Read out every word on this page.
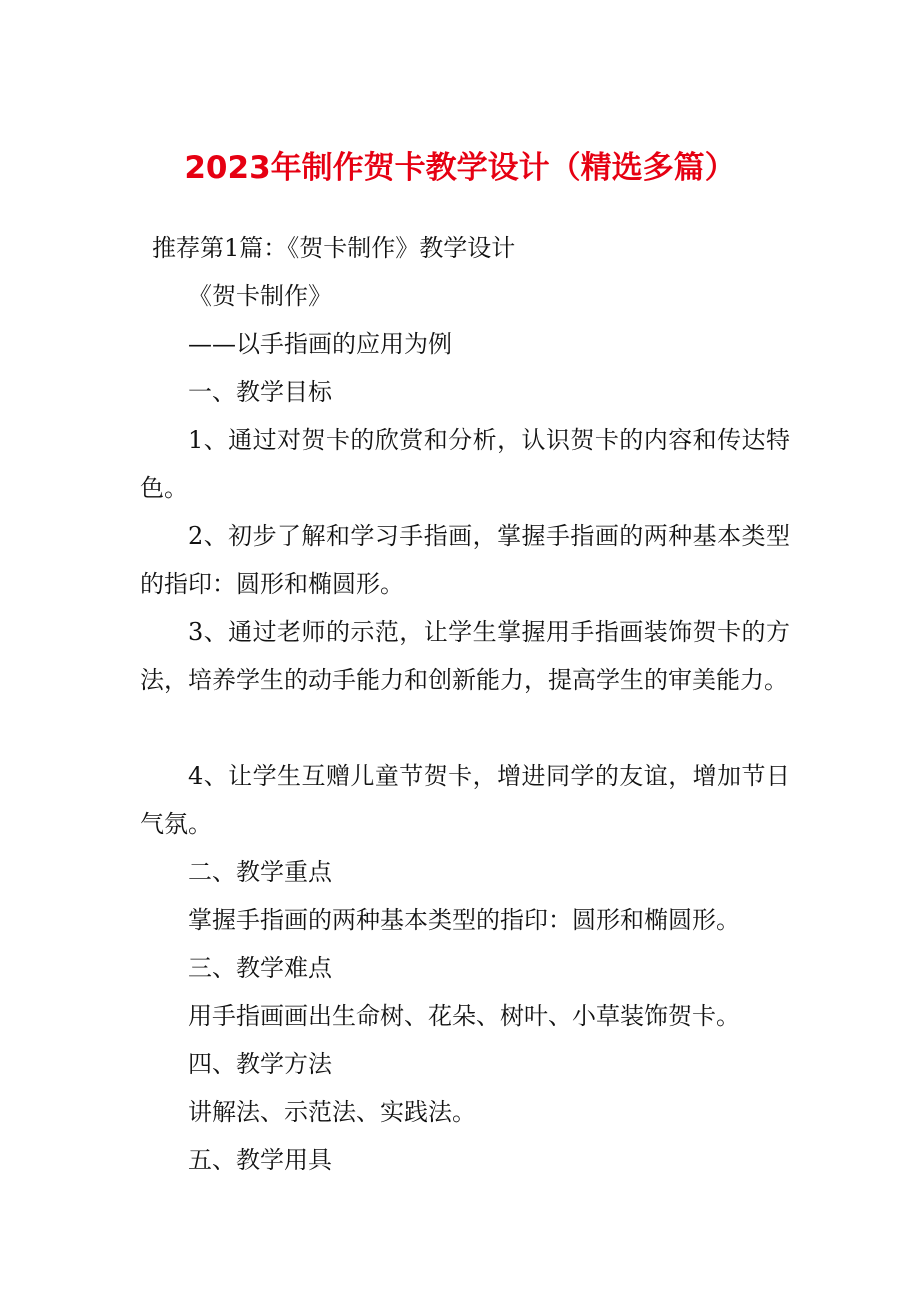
2023年制作贺卡教学设计（精选多篇）
推荐第1篇：《贺卡制作》教学设计
《贺卡制作》
——以手指画的应用为例
一、教学目标
1、通过对贺卡的欣赏和分析，认识贺卡的内容和传达特色。
2、初步了解和学习手指画，掌握手指画的两种基本类型的指印：圆形和椭圆形。
3、通过老师的示范，让学生掌握用手指画装饰贺卡的方法，培养学生的动手能力和创新能力，提高学生的审美能力。
4、让学生互赠儿童节贺卡，增进同学的友谊，增加节日气氛。
二、教学重点
掌握手指画的两种基本类型的指印：圆形和椭圆形。
三、教学难点
用手指画画出生命树、花朵、树叶、小草装饰贺卡。
四、教学方法
讲解法、示范法、实践法。
五、教学用具
